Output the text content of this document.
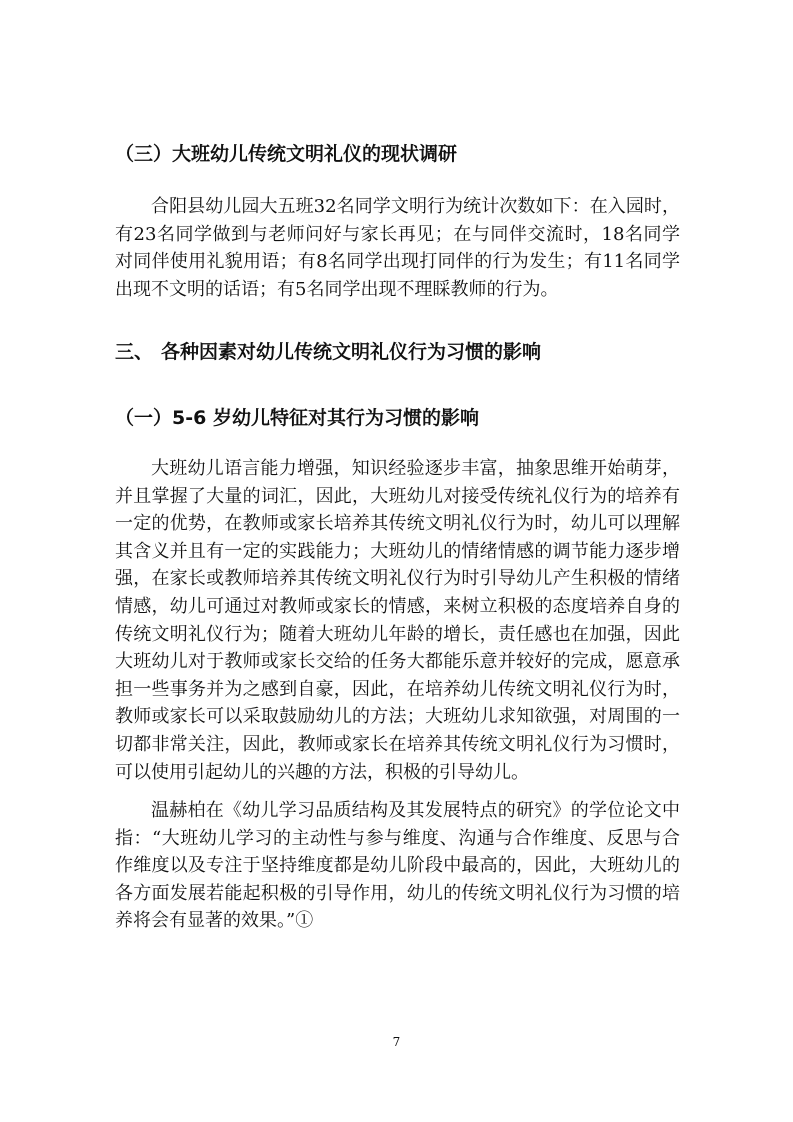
（三）大班幼儿传统文明礼仪的现状调研

合阳县幼儿园大五班32名同学文明行为统计次数如下：在入园时，有23名同学做到与老师问好与家长再见；在与同伴交流时，18名同学对同伴使用礼貌用语；有8名同学出现打同伴的行为发生；有11名同学出现不文明的话语；有5名同学出现不理睬教师的行为。

三、 各种因素对幼儿传统文明礼仪行为习惯的影响
（一）5-6 岁幼儿特征对其行为习惯的影响

大班幼儿语言能力增强，知识经验逐步丰富，抽象思维开始萌芽，并且掌握了大量的词汇，因此，大班幼儿对接受传统礼仪行为的培养有一定的优势，在教师或家长培养其传统文明礼仪行为时，幼儿可以理解其含义并且有一定的实践能力；大班幼儿的情绪情感的调节能力逐步增强，在家长或教师培养其传统文明礼仪行为时引导幼儿产生积极的情绪情感，幼儿可通过对教师或家长的情感，来树立积极的态度培养自身的传统文明礼仪行为；随着大班幼儿年龄的增长，责任感也在加强，因此大班幼儿对于教师或家长交给的任务大都能乐意并较好的完成，愿意承担一些事务并为之感到自豪，因此，在培养幼儿传统文明礼仪行为时，教师或家长可以采取鼓励幼儿的方法；大班幼儿求知欲强，对周围的一切都非常关注，因此，教师或家长在培养其传统文明礼仪行为习惯时，可以使用引起幼儿的兴趣的方法，积极的引导幼儿。

温赫柏在《幼儿学习品质结构及其发展特点的研究》的学位论文中指：“大班幼儿学习的主动性与参与维度、沟通与合作维度、反思与合作维度以及专注于坚持维度都是幼儿阶段中最高的，因此，大班幼儿的各方面发展若能起积极的引导作用，幼儿的传统文明礼仪行为习惯的培养将会有显著的效果。”①

7
